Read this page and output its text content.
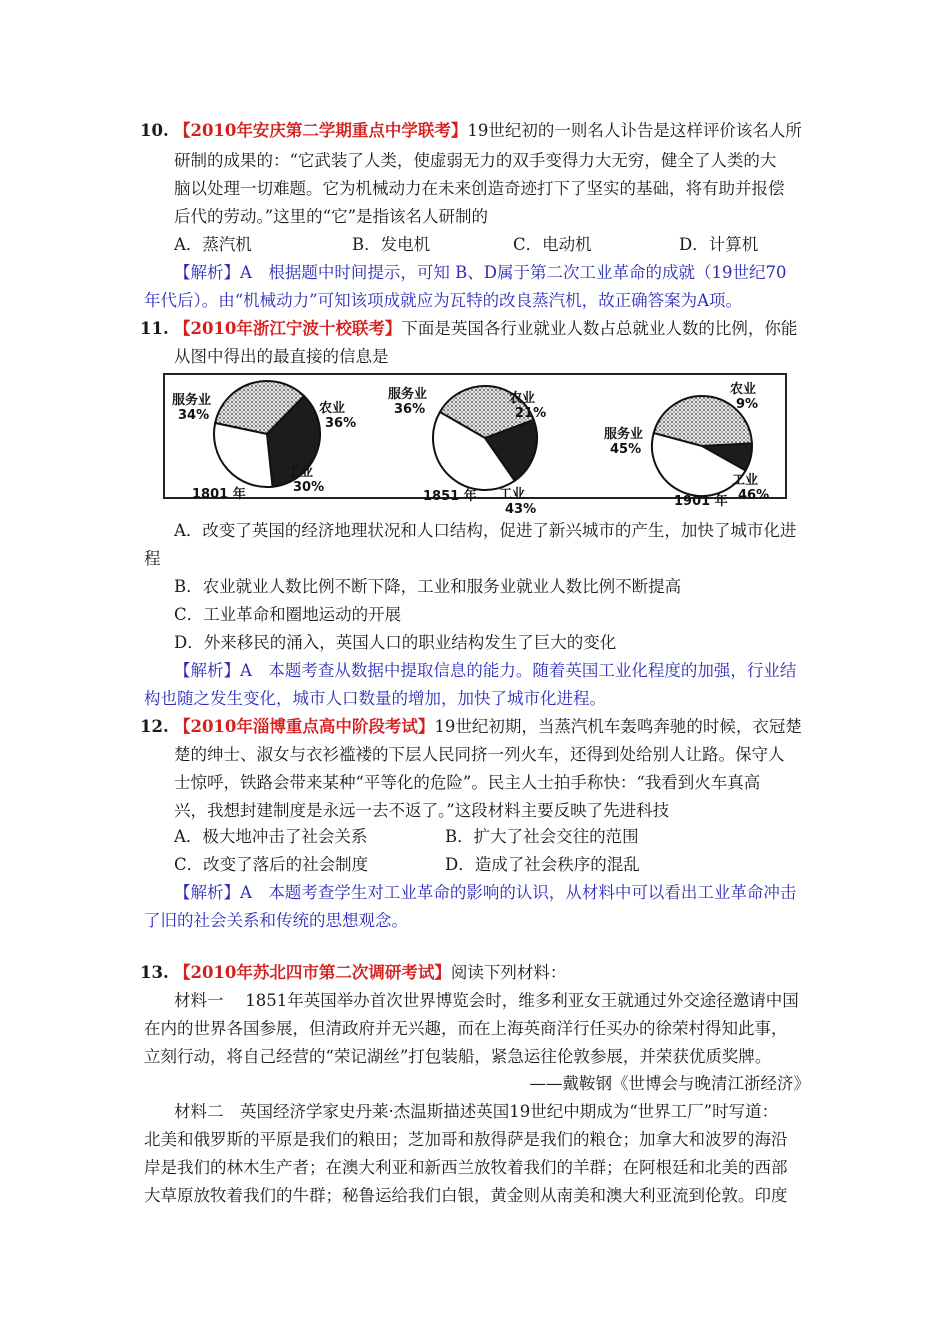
10. 【2010年安庆第二学期重点中学联考】19世纪初的一则名人讣告是这样评价该名人所
研制的成果的：“它武装了人类，使虚弱无力的双手变得力大无穷，健全了人类的大
脑以处理一切难题。它为机械动力在未来创造奇迹打下了坚实的基础，将有助并报偿
后代的劳动。”这里的“它”是指该名人研制的
A．蒸汽机	B．发电机	C．电动机	D．计算机
【解析】A　根据题中时间提示，可知 B、D属于第二次工业革命的成就（19世纪70
年代后）。由“机械动力”可知该项成就应为瓦特的改良蒸汽机，故正确答案为A项。
11. 【2010年浙江宁波十校联考】下面是英国各行业就业人数占总就业人数的比例，你能
从图中得出的最直接的信息是
服务业
34%	农业
36%
工业
30%
1801 年
服务业
36%
农业
21%
工业
43%
1851 年
服务业
45%
农业
9%
工业
46%
1901 年
A．改变了英国的经济地理状况和人口结构，促进了新兴城市的产生，加快了城市化进
程
B．农业就业人数比例不断下降，工业和服务业就业人数比例不断提高
C．工业革命和圈地运动的开展
D．外来移民的涌入，英国人口的职业结构发生了巨大的变化
【解析】A　本题考查从数据中提取信息的能力。随着英国工业化程度的加强，行业结
构也随之发生变化，城市人口数量的增加，加快了城市化进程。
12. 【2010年淄博重点高中阶段考试】19世纪初期，当蒸汽机车轰鸣奔驰的时候，衣冠楚
楚的绅士、淑女与衣衫褴褛的下层人民同挤一列火车，还得到处给别人让路。保守人
士惊呼，铁路会带来某种“平等化的危险”。民主人士拍手称快：“我看到火车真高
兴，我想封建制度是永远一去不返了。”这段材料主要反映了先进科技
A．极大地冲击了社会关系	B．扩大了社会交往的范围
C．改变了落后的社会制度	D．造成了社会秩序的混乱
【解析】A　本题考查学生对工业革命的影响的认识，从材料中可以看出工业革命冲击
了旧的社会关系和传统的思想观念。
13. 【2010年苏北四市第二次调研考试】阅读下列材料：
材料一　 1851年英国举办首次世界博览会时，维多利亚女王就通过外交途径邀请中国
在内的世界各国参展，但清政府并无兴趣，而在上海英商洋行任买办的徐荣村得知此事，
立刻行动，将自己经营的“荣记湖丝”打包装船，紧急运往伦敦参展，并荣获优质奖牌。
——戴鞍钢《世博会与晚清江浙经济》
材料二　英国经济学家史丹莱·杰温斯描述英国19世纪中期成为“世界工厂”时写道：
北美和俄罗斯的平原是我们的粮田；芝加哥和敖得萨是我们的粮仓；加拿大和波罗的海沿
岸是我们的林木生产者；在澳大利亚和新西兰放牧着我们的羊群；在阿根廷和北美的西部
大草原放牧着我们的牛群；秘鲁运给我们白银，黄金则从南美和澳大利亚流到伦敦。印度
